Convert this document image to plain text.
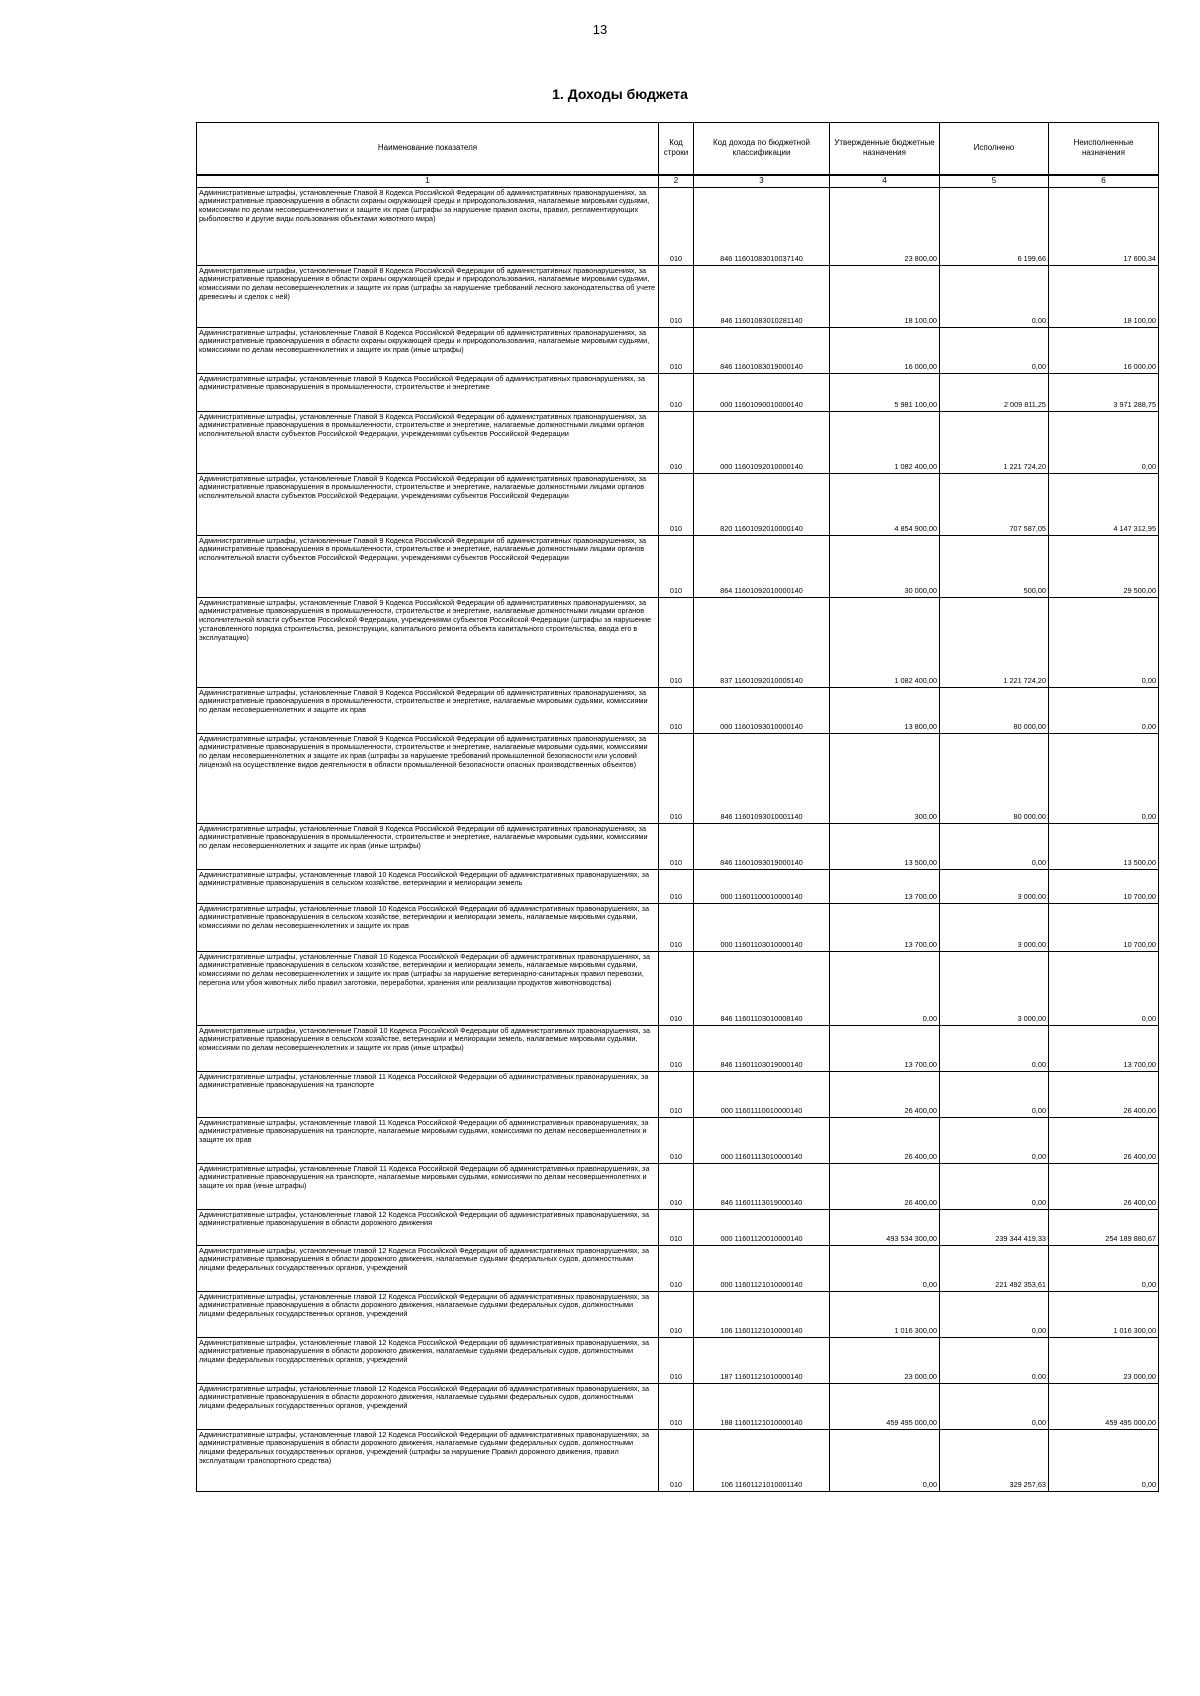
13
1. Доходы бюджета
Наименование показателя	Код строки	Код дохода по бюджетной классификации	Утвержденные бюджетные назначения	Исполнено	Неисполненные назначения
1	2	3	4	5	6
Административные штрафы, установленные Главой 8 Кодекса Российской Федерации об административных правонарушениях, за административные правонарушения в области охраны окружающей среды и природопользования, налагаемые мировыми судьями, комиссиями по делам несовершеннолетних и защите их прав (штрафы за нарушение правил охоты, правил, регламентирующих рыболовство и другие виды пользования объектами животного мира)	010	846 11601083010037140	23 800,00	6 199,66	17 600,34
Административные штрафы, установленные Главой 8 Кодекса Российской Федерации об административных правонарушениях, за административные правонарушения в области охраны окружающей среды и природопользования, налагаемые мировыми судьями, комиссиями по делам несовершеннолетних и защите их прав (штрафы за нарушение требований лесного законодательства об учете древесины и сделок с ней)	010	846 11601083010281140	18 100,00	0,00	18 100,00
Административные штрафы, установленные Главой 8 Кодекса Российской Федерации об административных правонарушениях, за административные правонарушения в области охраны окружающей среды и природопользования, налагаемые мировыми судьями, комиссиями по делам несовершеннолетних и защите их прав (иные штрафы)	010	846 11601083019000140	16 000,00	0,00	16 000,00
Административные штрафы, установленные главой 9 Кодекса Российской Федерации об административных правонарушениях, за административные правонарушения в промышленности, строительстве и энергетике	010	000 11601090010000140	5 981 100,00	2 009 811,25	3 971 288,75
Административные штрафы, установленные Главой 9 Кодекса Российской Федерации об административных правонарушениях, за административные правонарушения в промышленности, строительстве и энергетике, налагаемые должностными лицами органов исполнительной власти субъектов Российской Федерации, учреждениями субъектов Российской Федерации	010	000 11601092010000140	1 082 400,00	1 221 724,20	0,00
Административные штрафы, установленные Главой 9 Кодекса Российской Федерации об административных правонарушениях, за административные правонарушения в промышленности, строительстве и энергетике, налагаемые должностными лицами органов исполнительной власти субъектов Российской Федерации, учреждениями субъектов Российской Федерации	010	820 11601092010000140	4 854 900,00	707 587,05	4 147 312,95
Административные штрафы, установленные Главой 9 Кодекса Российской Федерации об административных правонарушениях, за административные правонарушения в промышленности, строительстве и энергетике, налагаемые должностными лицами органов исполнительной власти субъектов Российской Федерации, учреждениями субъектов Российской Федерации	010	864 11601092010000140	30 000,00	500,00	29 500,00
Административные штрафы, установленные Главой 9 Кодекса Российской Федерации об административных правонарушениях, за административные правонарушения в промышленности, строительстве и энергетике, налагаемые должностными лицами органов исполнительной власти субъектов Российской Федерации, учреждениями субъектов Российской Федерации (штрафы за нарушение установленного порядка строительства, реконструкции, капитального ремонта объекта капитального строительства, ввода его в эксплуатацию)	010	837 11601092010005140	1 082 400,00	1 221 724,20	0,00
Административные штрафы, установленные Главой 9 Кодекса Российской Федерации об административных правонарушениях, за административные правонарушения в промышленности, строительстве и энергетике, налагаемые мировыми судьями, комиссиями по делам несовершеннолетних и защите их прав	010	000 11601093010000140	13 800,00	80 000,00	0,00
Административные штрафы, установленные Главой 9 Кодекса Российской Федерации об административных правонарушениях, за административные правонарушения в промышленности, строительстве и энергетике, налагаемые мировыми судьями, комиссиями по делам несовершеннолетних и защите их прав (штрафы за нарушение требований промышленной безопасности или условий лицензий на осуществление видов деятельности в области промышленной безопасности опасных производственных объектов)	010	846 11601093010001140	300,00	80 000,00	0,00
Административные штрафы, установленные Главой 9 Кодекса Российской Федерации об административных правонарушениях, за административные правонарушения в промышленности, строительстве и энергетике, налагаемые мировыми судьями, комиссиями по делам несовершеннолетних и защите их прав (иные штрафы)	010	846 11601093019000140	13 500,00	0,00	13 500,00
Административные штрафы, установленные главой 10 Кодекса Российской Федерации об административных правонарушениях, за административные правонарушения в сельском хозяйстве, ветеринарии и мелиорации земель	010	000 11601100010000140	13 700,00	3 000,00	10 700,00
Административные штрафы, установленные главой 10 Кодекса Российской Федерации об административных правонарушениях, за административные правонарушения в сельском хозяйстве, ветеринарии и мелиорации земель, налагаемые мировыми судьями, комиссиями по делам несовершеннолетних и защите их прав	010	000 11601103010000140	13 700,00	3 000,00	10 700,00
Административные штрафы, установленные Главой 10 Кодекса Российской Федерации об административных правонарушениях, за административные правонарушения в сельском хозяйстве, ветеринарии и мелиорации земель, налагаемые мировыми судьями, комиссиями по делам несовершеннолетних и защите их прав (штрафы за нарушение ветеринарно-санитарных правил перевозки, перегона или убоя животных либо правил заготовки, переработки, хранения или реализации продуктов животноводства)	010	846 11601103010008140	0,00	3 000,00	0,00
Административные штрафы, установленные Главой 10 Кодекса Российской Федерации об административных правонарушениях, за административные правонарушения в сельском хозяйстве, ветеринарии и мелиорации земель, налагаемые мировыми судьями, комиссиями по делам несовершеннолетних и защите их прав (иные штрафы)	010	846 11601103019000140	13 700,00	0,00	13 700,00
Административные штрафы, установленные главой 11 Кодекса Российской Федерации об административных правонарушениях, за административные правонарушения на транспорте	010	000 11601110010000140	26 400,00	0,00	26 400,00
Административные штрафы, установленные главой 11 Кодекса Российской Федерации об административных правонарушениях, за административные правонарушения на транспорте, налагаемые мировыми судьями, комиссиями по делам несовершеннолетних и защите их прав	010	000 11601113010000140	26 400,00	0,00	26 400,00
Административные штрафы, установленные Главой 11 Кодекса Российской Федерации об административных правонарушениях, за административные правонарушения на транспорте, налагаемые мировыми судьями, комиссиями по делам несовершеннолетних и защите их прав (иные штрафы)	010	846 11601113019000140	26 400,00	0,00	26 400,00
Административные штрафы, установленные главой 12 Кодекса Российской Федерации об административных правонарушениях, за административные правонарушения в области дорожного движения	010	000 11601120010000140	493 534 300,00	239 344 419,33	254 189 880,67
Административные штрафы, установленные главой 12 Кодекса Российской Федерации об административных правонарушениях, за административные правонарушения в области дорожного движения, налагаемые судьями федеральных судов, должностными лицами федеральных государственных органов, учреждений	010	000 11601121010000140	0,00	221 492 353,61	0,00
Административные штрафы, установленные главой 12 Кодекса Российской Федерации об административных правонарушениях, за административные правонарушения в области дорожного движения, налагаемые судьями федеральных судов, должностными лицами федеральных государственных органов, учреждений	010	106 11601121010000140	1 016 300,00	0,00	1 016 300,00
Административные штрафы, установленные главой 12 Кодекса Российской Федерации об административных правонарушениях, за административные правонарушения в области дорожного движения, налагаемые судьями федеральных судов, должностными лицами федеральных государственных органов, учреждений	010	187 11601121010000140	23 000,00	0,00	23 000,00
Административные штрафы, установленные главой 12 Кодекса Российской Федерации об административных правонарушениях, за административные правонарушения в области дорожного движения, налагаемые судьями федеральных судов, должностными лицами федеральных государственных органов, учреждений	010	188 11601121010000140	459 495 000,00	0,00	459 495 000,00
Административные штрафы, установленные главой 12 Кодекса Российской Федерации об административных правонарушениях, за административные правонарушения в области дорожного движения, налагаемые судьями федеральных судов, должностными лицами федеральных государственных органов, учреждений (штрафы за нарушение Правил дорожного движения, правил эксплуатации транспортного средства)	010	106 11601121010001140	0,00	329 257,63	0,00
